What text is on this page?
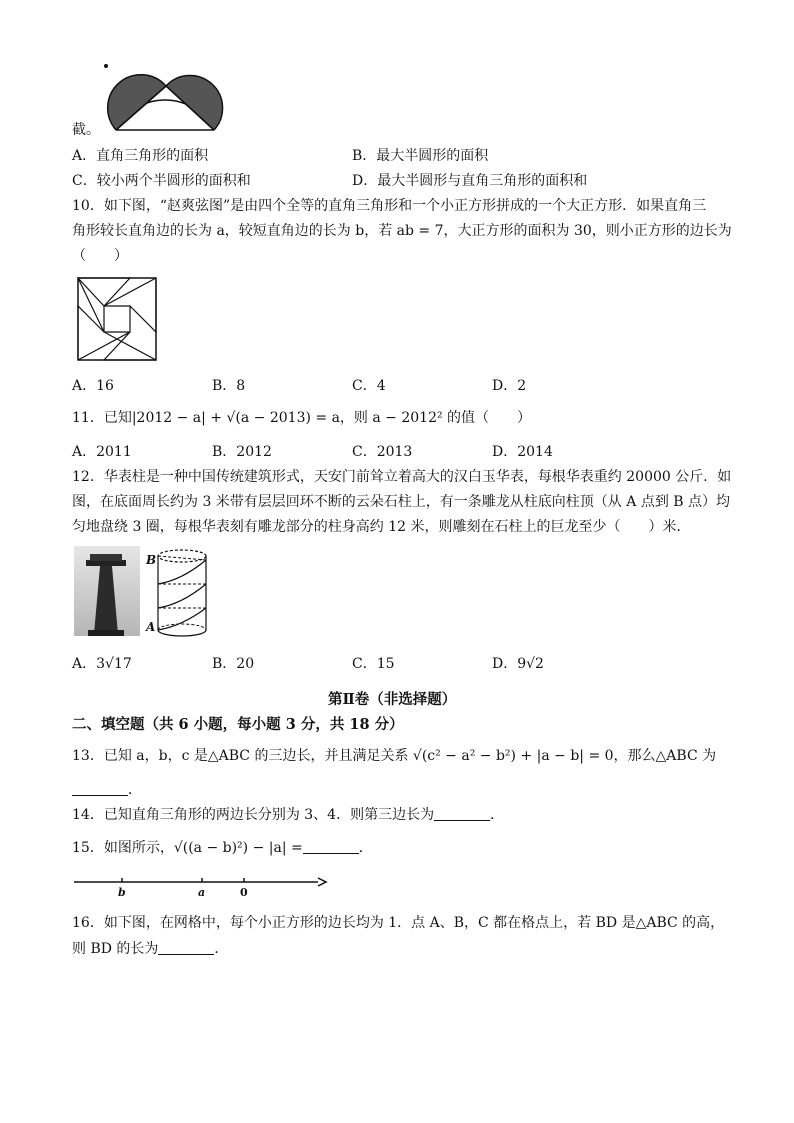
截。
A．直角三角形的面积	B．最大半圆形的面积
C．较小两个半圆形的面积和	D．最大半圆形与直角三角形的面积和
10．如下图，“赵爽弦图”是由四个全等的直角三角形和一个小正方形拼成的一个大正方形．如果直角三
角形较长直角边的长为 a，较短直角边的长为 b，若 ab = 7，大正方形的面积为 30，则小正方形的边长为
（　　）
A．16	B．8	C．4	D．2
11．已知|2012 − a| + √(a − 2013) = a，则 a − 2012² 的值（　　）
A．2011	B．2012	C．2013	D．2014
12．华表柱是一种中国传统建筑形式，天安门前耸立着高大的汉白玉华表，每根华表重约 20000 公斤．如
图，在底面周长约为 3 米带有层层回环不断的云朵石柱上，有一条雕龙从柱底向柱顶（从 A 点到 B 点）均
匀地盘绕 3 圈，每根华表刻有雕龙部分的柱身高约 12 米，则雕刻在石柱上的巨龙至少（　　）米．
B
A
A．3√17	B．20	C．15	D．9√2
第Ⅱ卷（非选择题）
二、填空题（共 6 小题，每小题 3 分，共 18 分）
13．已知 a，b，c 是△ABC 的三边长，并且满足关系 √(c² − a² − b²) + |a − b| = 0，那么△ABC 为
．
14．已知直角三角形的两边长分别为 3、4．则第三边长为	．
15．如图所示，√((a − b)²) − |a| =	．
b	a	0
16．如下图，在网格中，每个小正方形的边长均为 1．点 A、B，C 都在格点上，若 BD 是△ABC 的高，
则 BD 的长为	．
